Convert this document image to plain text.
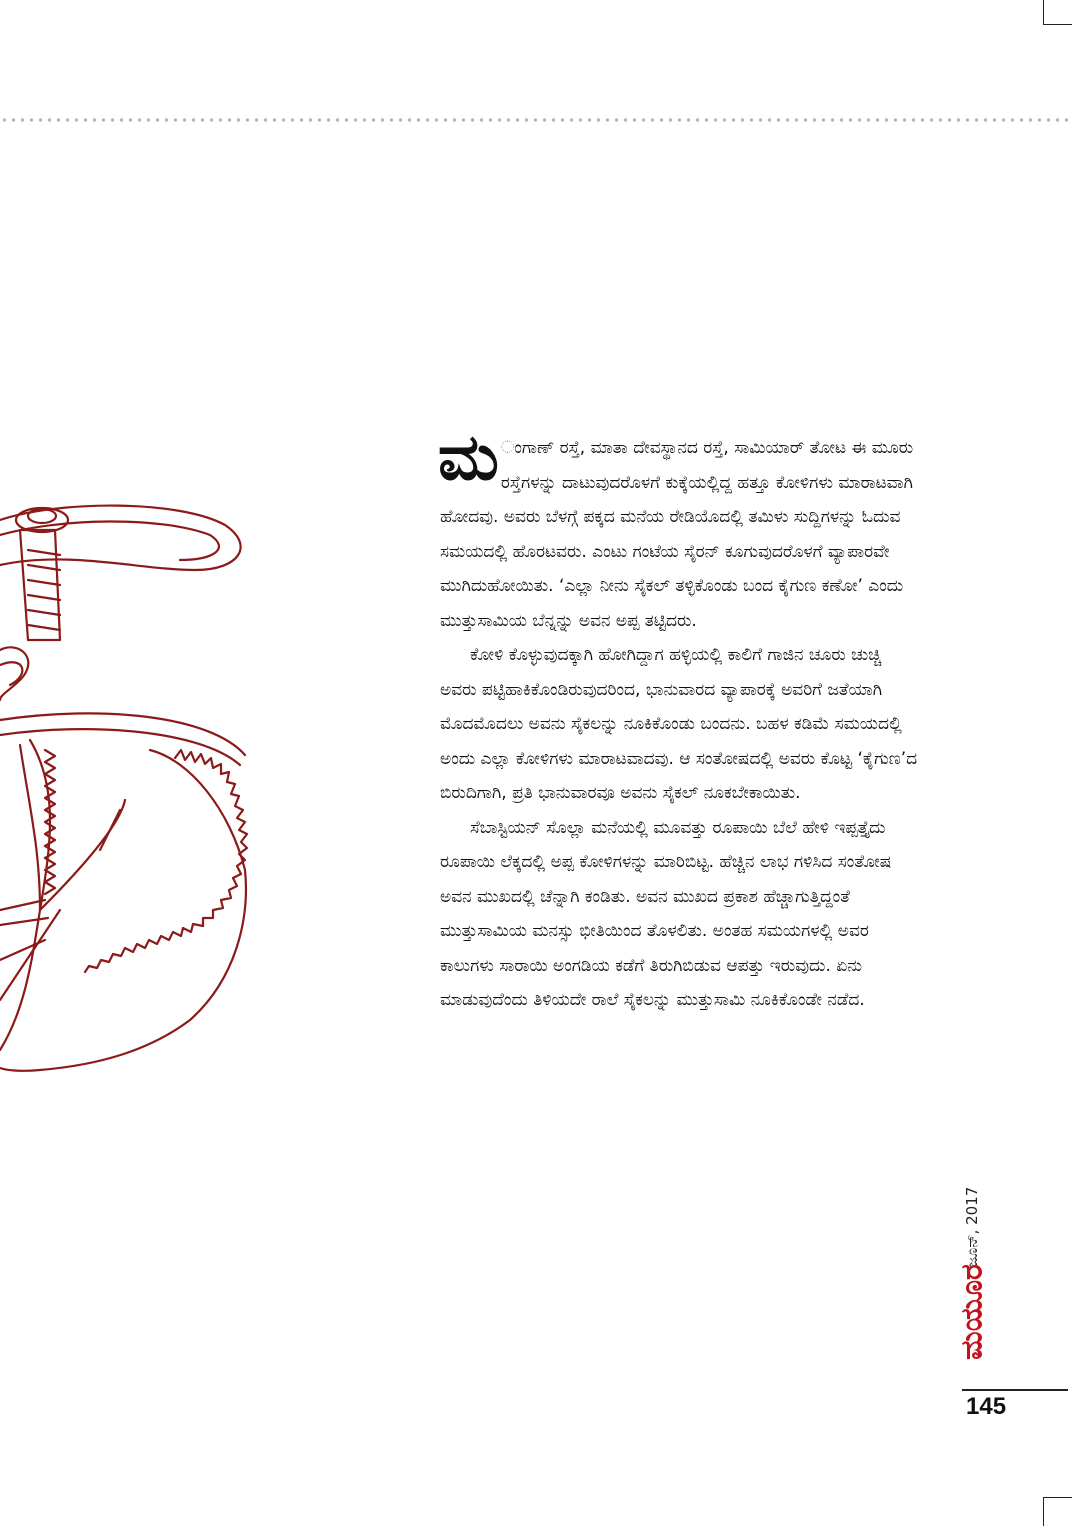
ಮ ಂಗಾಣ್ ರಸ್ತೆ, ಮಾತಾ ದೇವಸ್ಥಾನದ ರಸ್ತೆ, ಸಾಮಿಯಾರ್ ತೋಟ ಈ ಮೂರು ರಸ್ತೆಗಳನ್ನು ದಾಟುವುದರೊಳಗೆ ಕುಕ್ಕೆಯಲ್ಲಿದ್ದ ಹತ್ತೂ ಕೋಳಿಗಳು ಮಾರಾಟವಾಗಿ ಹೋದವು. ಅವರು ಬೆಳಗ್ಗೆ ಪಕ್ಕದ ಮನೆಯ ರೇಡಿಯೊದಲ್ಲಿ ತಮಿಳು ಸುದ್ದಿಗಳನ್ನು ಓದುವ ಸಮಯದಲ್ಲಿ ಹೊರಟವರು. ಎಂಟು ಗಂಟೆಯ ಸೈರನ್ ಕೂಗುವುದರೊಳಗೆ ವ್ಯಾಪಾರವೇ ಮುಗಿದುಹೋಯಿತು. ‘ಎಲ್ಲಾ ನೀನು ಸೈಕಲ್ ತಳ್ಳಿಕೊಂಡು ಬಂದ ಕೈಗುಣ ಕಣೋ’ ಎಂದು ಮುತ್ತುಸಾಮಿಯ ಬೆನ್ನನ್ನು ಅವನ ಅಪ್ಪ ತಟ್ಟಿದರು.

ಕೋಳಿ ಕೊಳ್ಳುವುದಕ್ಕಾಗಿ ಹೋಗಿದ್ದಾಗ ಹಳ್ಳಿಯಲ್ಲಿ ಕಾಲಿಗೆ ಗಾಜಿನ ಚೂರು ಚುಚ್ಚಿ ಅವರು ಪಟ್ಟಿಹಾಕಿಕೊಂಡಿರುವುದರಿಂದ, ಭಾನುವಾರದ ವ್ಯಾಪಾರಕ್ಕೆ ಅವರಿಗೆ ಜತೆಯಾಗಿ ಮೊದಮೊದಲು ಅವನು ಸೈಕಲನ್ನು ನೂಕಿಕೊಂಡು ಬಂದನು. ಬಹಳ ಕಡಿಮೆ ಸಮಯದಲ್ಲಿ ಅಂದು ಎಲ್ಲಾ ಕೋಳಿಗಳು ಮಾರಾಟವಾದವು. ಆ ಸಂತೋಷದಲ್ಲಿ ಅವರು ಕೊಟ್ಟ ‘ಕೈಗುಣ’ದ ಬಿರುದಿಗಾಗಿ, ಪ್ರತಿ ಭಾನುವಾರವೂ ಅವನು ಸೈಕಲ್ ನೂಕಬೇಕಾಯಿತು.

ಸೆಬಾಸ್ಟಿಯನ್ ಸೊಲ್ಲಾ ಮನೆಯಲ್ಲಿ ಮೂವತ್ತು ರೂಪಾಯಿ ಬೆಲೆ ಹೇಳಿ ಇಪ್ಪತ್ತೈದು ರೂಪಾಯಿ ಲೆಕ್ಕದಲ್ಲಿ ಅಪ್ಪ ಕೋಳಿಗಳನ್ನು ಮಾರಿಬಿಟ್ಟ. ಹೆಚ್ಚಿನ ಲಾಭ ಗಳಿಸಿದ ಸಂತೋಷ ಅವನ ಮುಖದಲ್ಲಿ ಚೆನ್ನಾಗಿ ಕಂಡಿತು. ಅವನ ಮುಖದ ಪ್ರಕಾಶ ಹೆಚ್ಚಾಗುತ್ತಿದ್ದಂತೆ ಮುತ್ತುಸಾಮಿಯ ಮನಸ್ಸು ಭೀತಿಯಿಂದ ತೊಳಲಿತು. ಅಂತಹ ಸಮಯಗಳಲ್ಲಿ ಅವರ ಕಾಲುಗಳು ಸಾರಾಯಿ ಅಂಗಡಿಯ ಕಡೆಗೆ ತಿರುಗಿಬಿಡುವ ಆಪತ್ತು ಇರುವುದು. ಏನು ಮಾಡುವುದೆಂದು ತಿಳಿಯದೇ ರಾಲೆ ಸೈಕಲನ್ನು ಮುತ್ತುಸಾಮಿ ನೂಕಿಕೊಂಡೇ ನಡೆದ.

ಜೂನ್, 2017
ಮಯೂರ
145
